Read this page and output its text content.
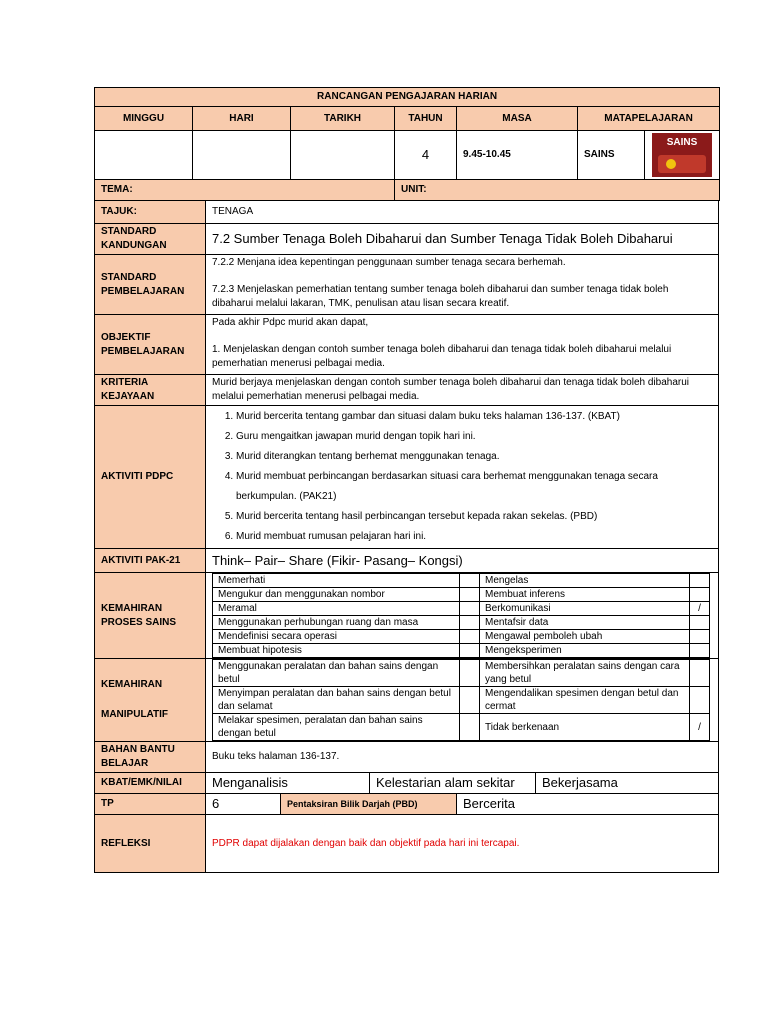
RANCANGAN PENGAJARAN HARIAN
MINGGU	HARI	TARIKH	TAHUN	MASA	MATAPELAJARAN
			4	9.45-10.45		SAINS	
SAINS

TEMA:	UNIT:
TAJUK:	TENAGA
STANDARD KANDUNGAN	7.2 Sumber Tenaga Boleh Dibaharui dan Sumber Tenaga Tidak Boleh Dibaharui
STANDARD PEMBELAJARAN	
7.2.2 Menjana idea kepentingan penggunaan sumber tenaga secara berhemah.
7.2.3 Menjelaskan pemerhatian tentang sumber tenaga boleh dibaharui dan sumber tenaga tidak boleh dibaharui melalui lakaran, TMK, penulisan atau lisan secara kreatif.

OBJEKTIF PEMBELAJARAN	
Pada akhir Pdpc murid akan dapat,
1. Menjelaskan dengan contoh sumber tenaga boleh dibaharui dan tenaga tidak boleh dibaharui melalui pemerhatian menerusi pelbagai media.

KRITERIA KEJAYAAN	Murid berjaya menjelaskan dengan contoh sumber tenaga boleh dibaharui dan tenaga tidak boleh dibaharui melalui pemerhatian menerusi pelbagai media.
AKTIVITI PDPC	
1. Murid bercerita tentang gambar dan situasi dalam buku teks halaman 136-137. (KBAT)
2. Guru mengaitkan jawapan murid dengan topik hari ini.
3. Murid diterangkan tentang berhemat menggunakan tenaga.
4. Murid membuat perbincangan berdasarkan situasi cara berhemat menggunakan tenaga secara berkumpulan. (PAK21)
5. Murid bercerita tentang hasil perbincangan tersebut kepada rakan sekelas. (PBD)
6. Murid membuat rumusan pelajaran hari ini.

AKTIVITI PAK-21	Think– Pair– Share (Fikir- Pasang– Kongsi)
KEMAHIRAN PROSES SAINS	
Memerhati		Mengelas	
Mengukur dan menggunakan nombor		Membuat inferens	
Meramal		Berkomunikasi	/
Menggunakan perhubungan ruang dan masa		Mentafsir data	
Mendefinisi secara operasi		Mengawal pemboleh ubah	
Membuat hipotesis		Mengeksperimen	

KEMAHIRAN
MANIPULATIF

Menggunakan peralatan dan bahan sains dengan betul		Membersihkan peralatan sains dengan cara yang betul	
Menyimpan peralatan dan bahan sains dengan betul dan selamat		Mengendalikan spesimen dengan betul dan cermat	
Melakar spesimen, peralatan dan bahan sains dengan betul		Tidak berkenaan	/

BAHAN BANTU BELAJAR	Buku teks halaman 136-137.
KBAT/EMK/NILAI	Menganalisis	Kelestarian alam sekitar	Bekerjasama
TP	6	Pentaksiran Bilik Darjah (PBD)	Bercerita
REFLEKSI	PDPR dapat dijalakan dengan baik dan objektif pada hari ini tercapai.
